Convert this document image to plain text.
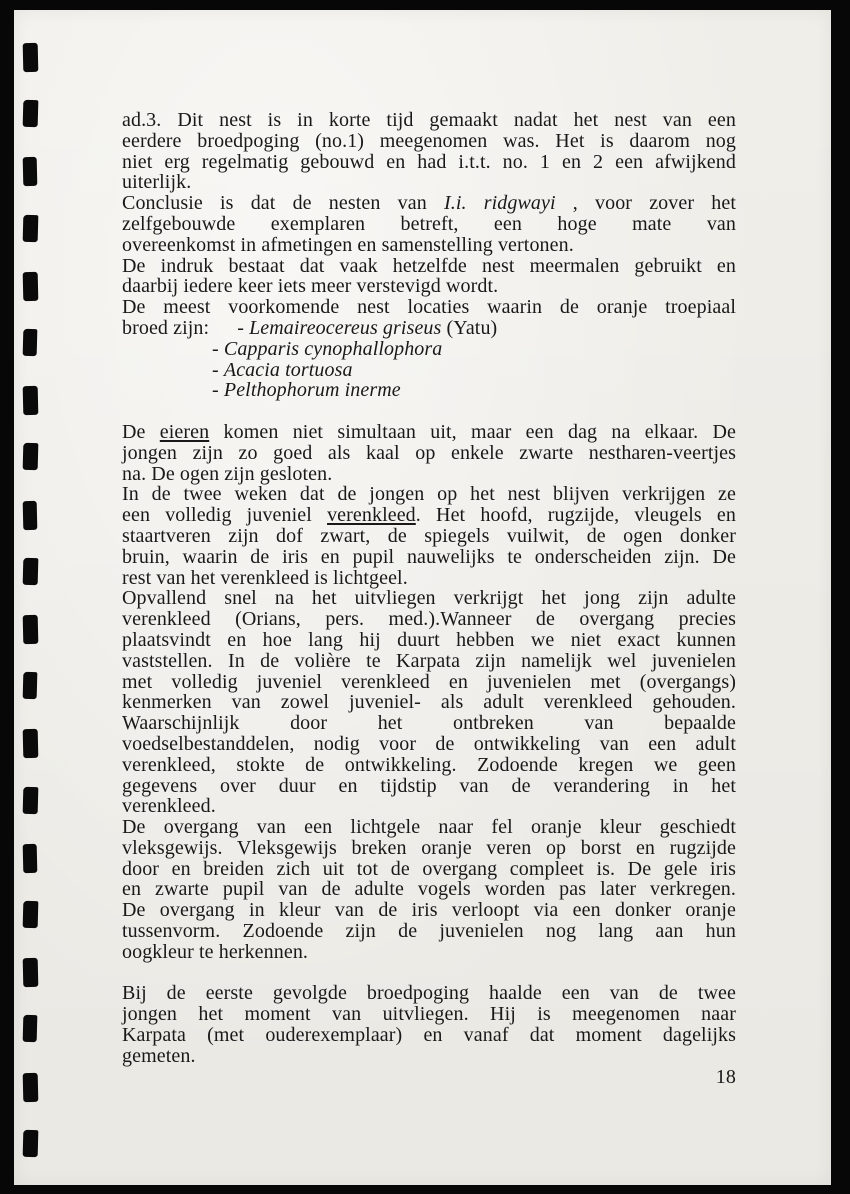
ad.3. Dit nest is in korte tijd gemaakt nadat het nest van een
eerdere broedpoging (no.1) meegenomen was. Het is daarom nog
niet erg regelmatig gebouwd en had i.t.t. no. 1 en 2 een afwijkend
uiterlijk.
Conclusie is dat de nesten van I.i. ridgwayi , voor zover het
zelfgebouwde exemplaren betreft, een hoge mate van
overeenkomst in afmetingen en samenstelling vertonen.
De indruk bestaat dat vaak hetzelfde nest meermalen gebruikt en
daarbij iedere keer iets meer verstevigd wordt.
De meest voorkomende nest locaties waarin de oranje troepiaal
broed zijn: - Lemaireocereus griseus (Yatu)
- Capparis cynophallophora
- Acacia tortuosa
- Pelthophorum inerme
De eieren komen niet simultaan uit, maar een dag na elkaar. De
jongen zijn zo goed als kaal op enkele zwarte nestharen-veertjes
na. De ogen zijn gesloten.
In de twee weken dat de jongen op het nest blijven verkrijgen ze
een volledig juveniel verenkleed. Het hoofd, rugzijde, vleugels en
staartveren zijn dof zwart, de spiegels vuilwit, de ogen donker
bruin, waarin de iris en pupil nauwelijks te onderscheiden zijn. De
rest van het verenkleed is lichtgeel.
Opvallend snel na het uitvliegen verkrijgt het jong zijn adulte
verenkleed (Orians, pers. med.).Wanneer de overgang precies
plaatsvindt en hoe lang hij duurt hebben we niet exact kunnen
vaststellen. In de volière te Karpata zijn namelijk wel juvenielen
met volledig juveniel verenkleed en juvenielen met (overgangs)
kenmerken van zowel juveniel- als adult verenkleed gehouden.
Waarschijnlijk door het ontbreken van bepaalde
voedselbestanddelen, nodig voor de ontwikkeling van een adult
verenkleed, stokte de ontwikkeling. Zodoende kregen we geen
gegevens over duur en tijdstip van de verandering in het
verenkleed.
De overgang van een lichtgele naar fel oranje kleur geschiedt
vleksgewijs. Vleksgewijs breken oranje veren op borst en rugzijde
door en breiden zich uit tot de overgang compleet is. De gele iris
en zwarte pupil van de adulte vogels worden pas later verkregen.
De overgang in kleur van de iris verloopt via een donker oranje
tussenvorm. Zodoende zijn de juvenielen nog lang aan hun
oogkleur te herkennen.
Bij de eerste gevolgde broedpoging haalde een van de twee
jongen het moment van uitvliegen. Hij is meegenomen naar
Karpata (met ouderexemplaar) en vanaf dat moment dagelijks
gemeten.
18
